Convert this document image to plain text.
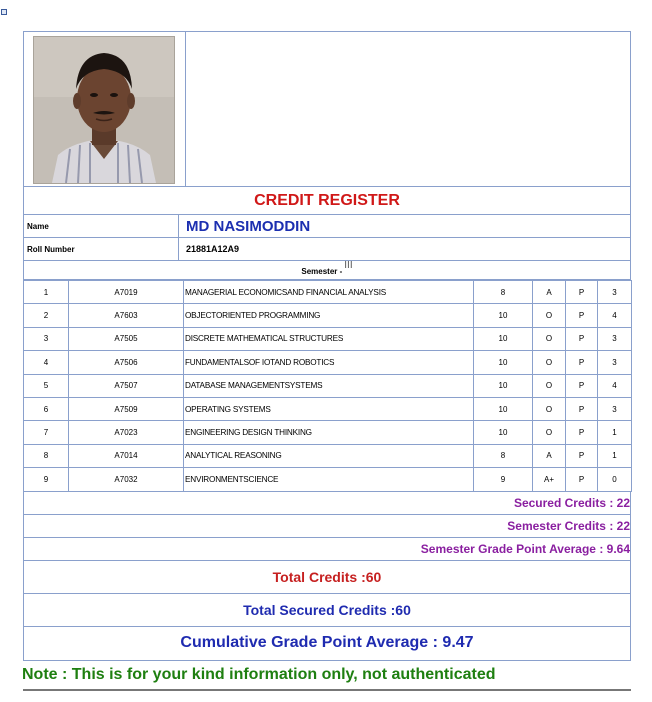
CREDIT REGISTER
Name	MD NASIMODDIN
Roll Number	21881A12A9
Semester -
III
1	A7019	MANAGERIAL ECONOMICSAND FINANCIAL ANALYSIS	8	A	P	3
2	A7603	OBJECTORIENTED PROGRAMMING	10	O	P	4
3	A7505	DISCRETE MATHEMATICAL STRUCTURES	10	O	P	3
4	A7506	FUNDAMENTALSOF IOTAND ROBOTICS	10	O	P	3
5	A7507	DATABASE MANAGEMENTSYSTEMS	10	O	P	4
6	A7509	OPERATING SYSTEMS	10	O	P	3
7	A7023	ENGINEERING DESIGN THINKING	10	O	P	1
8	A7014	ANALYTICAL REASONING	8	A	P	1
9	A7032	ENVIRONMENTSCIENCE	9	A+	P	0
Secured Credits : 22
Semester Credits : 22
Semester Grade Point Average : 9.64
Total Credits :60
Total Secured Credits :60
Cumulative Grade Point Average : 9.47
Note : This is for your kind information only, not authenticated
